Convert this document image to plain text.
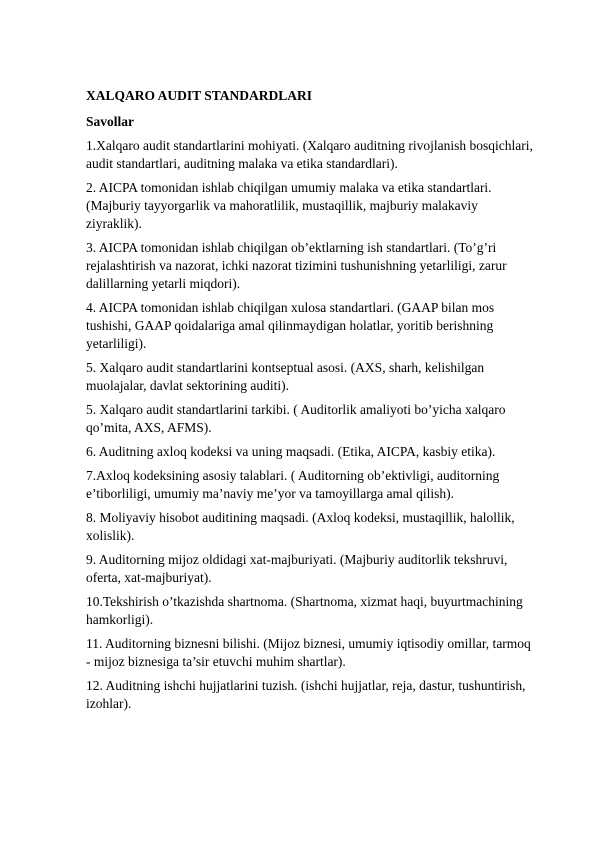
XALQARO AUDIT STANDARDLARI
Savollar
1.Xalqaro audit standartlarini mohiyati. (Xalqaro auditning rivojlanish bosqichlari,
audit standartlari, auditning malaka va etika standardlari).
2. AICPA tomonidan ishlab chiqilgan umumiy malaka va etika standartlari.
(Majburiy tayyorgarlik va mahoratlilik, mustaqillik, majburiy malakaviy
ziyraklik).
3. AICPA tomonidan ishlab chiqilgan ob’ektlarning ish standartlari. (To’g’ri
rejalashtirish va nazorat, ichki nazorat tizimini tushunishning yetarliligi, zarur
dalillarning yetarli miqdori).
4. AICPA tomonidan ishlab chiqilgan xulosa standartlari. (GAAP bilan mos
tushishi, GAAP qoidalariga amal qilinmaydigan holatlar, yoritib berishning
yetarliligi).
5. Xalqaro audit standartlarini kontseptual asosi. (AXS, sharh, kelishilgan
muolajalar, davlat sektorining auditi).
5. Xalqaro audit standartlarini tarkibi. ( Auditorlik amaliyoti bo’yicha xalqaro
qo’mita, AXS, AFMS).
6. Auditning axloq kodeksi va uning maqsadi. (Etika, AICPA, kasbiy etika).
7.Axloq kodeksining asosiy talablari. ( Auditorning ob’ektivligi, auditorning
e’tiborliligi, umumiy ma’naviy me’yor va tamoyillarga amal qilish).
8. Moliyaviy hisobot auditining maqsadi. (Axloq kodeksi, mustaqillik, halollik,
xolislik).
9. Auditorning mijoz oldidagi xat-majburiyati. (Majburiy auditorlik tekshruvi,
oferta, xat-majburiyat).
10.Tekshirish o’tkazishda shartnoma. (Shartnoma, xizmat haqi, buyurtmachining
hamkorligi).
11. Auditorning biznesni bilishi. (Mijoz biznesi, umumiy iqtisodiy omillar, tarmoq
- mijoz biznesiga ta’sir etuvchi muhim shartlar).
12. Auditning ishchi hujjatlarini tuzish. (ishchi hujjatlar, reja, dastur, tushuntirish,
izohlar).
